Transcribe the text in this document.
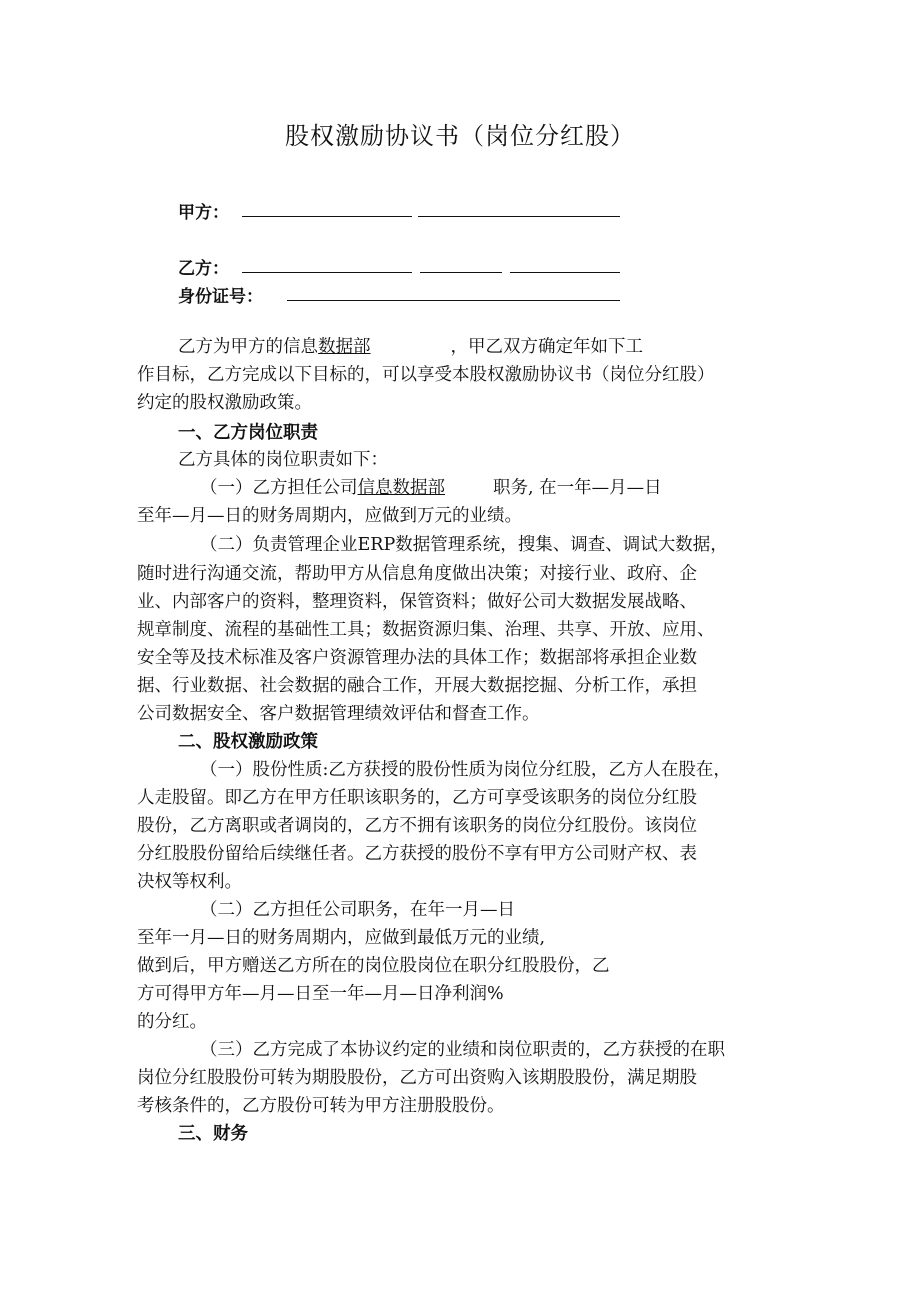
股权激励协议书（岗位分红股）
甲方：
乙方：
身份证号：
乙方为甲方的信息数据部	，甲乙双方确定年如下工
作目标，乙方完成以下目标的，可以享受本股权激励协议书（岗位分红股）
约定的股权激励政策。
一、乙方岗位职责
乙方具体的岗位职责如下：
（一）乙方担任公司信息数据部	职务, 在一年—月—日
至年—月—日的财务周期内，应做到万元的业绩。
（二）负责管理企业ERP数据管理系统，搜集、调查、调试大数据，
随时进行沟通交流，帮助甲方从信息角度做出决策；对接行业、政府、企
业、内部客户的资料，整理资料，保管资料；做好公司大数据发展战略、
规章制度、流程的基础性工具；数据资源归集、治理、共享、开放、应用、
安全等及技术标准及客户资源管理办法的具体工作；数据部将承担企业数
据、行业数据、社会数据的融合工作，开展大数据挖掘、分析工作，承担
公司数据安全、客户数据管理绩效评估和督查工作。
二、股权激励政策
（一）股份性质:乙方获授的股份性质为岗位分红股，乙方人在股在，
人走股留。即乙方在甲方任职该职务的，乙方可享受该职务的岗位分红股
股份，乙方离职或者调岗的，乙方不拥有该职务的岗位分红股份。该岗位
分红股股份留给后续继任者。乙方获授的股份不享有甲方公司财产权、表
决权等权利。
（二）乙方担任公司职务，在年一月—日
至年一月—日的财务周期内，应做到最低万元的业绩,
做到后，甲方赠送乙方所在的岗位股岗位在职分红股股份，乙
方可得甲方年—月—日至一年—月—日净利润%
的分红。
（三）乙方完成了本协议约定的业绩和岗位职责的，乙方获授的在职
岗位分红股股份可转为期股股份，乙方可出资购入该期股股份，满足期股
考核条件的，乙方股份可转为甲方注册股股份。
三、财务
